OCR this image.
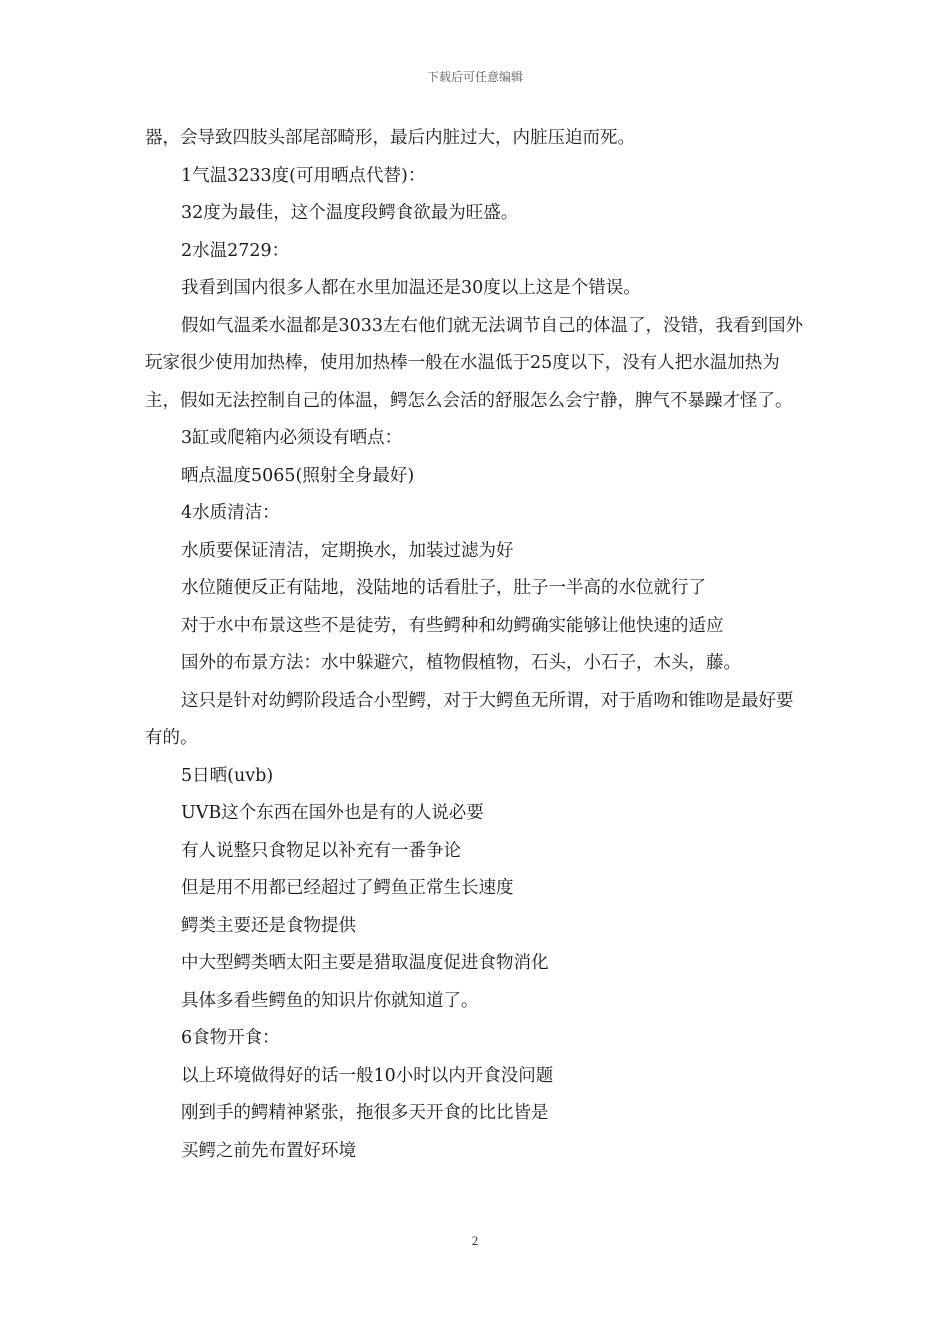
下载后可任意编辑

器，会导致四肢头部尾部畸形，最后内脏过大，内脏压迫而死。

1气温3233度(可用晒点代替)：

32度为最佳，这个温度段鳄食欲最为旺盛。

2水温2729：

我看到国内很多人都在水里加温还是30度以上这是个错误。

假如气温柔水温都是3033左右他们就无法调节自己的体温了，没错，我看到国外玩家很少使用加热棒，使用加热棒一般在水温低于25度以下，没有人把水温加热为主，假如无法控制自己的体温，鳄怎么会活的舒服怎么会宁静，脾气不暴躁才怪了。

3缸或爬箱内必须设有晒点：

晒点温度5065(照射全身最好)

4水质清洁：

水质要保证清洁，定期换水，加装过滤为好

水位随便反正有陆地，没陆地的话看肚子，肚子一半高的水位就行了

对于水中布景这些不是徒劳，有些鳄种和幼鳄确实能够让他快速的适应

国外的布景方法：水中躲避穴，植物假植物，石头，小石子，木头，藤。

这只是针对幼鳄阶段适合小型鳄，对于大鳄鱼无所谓，对于盾吻和锥吻是最好要有的。

5日晒(uvb)

UVB这个东西在国外也是有的人说必要

有人说整只食物足以补充有一番争论

但是用不用都已经超过了鳄鱼正常生长速度

鳄类主要还是食物提供

中大型鳄类晒太阳主要是猎取温度促进食物消化

具体多看些鳄鱼的知识片你就知道了。

6食物开食：

以上环境做得好的话一般10小时以内开食没问题

刚到手的鳄精神紧张，拖很多天开食的比比皆是

买鳄之前先布置好环境

2
